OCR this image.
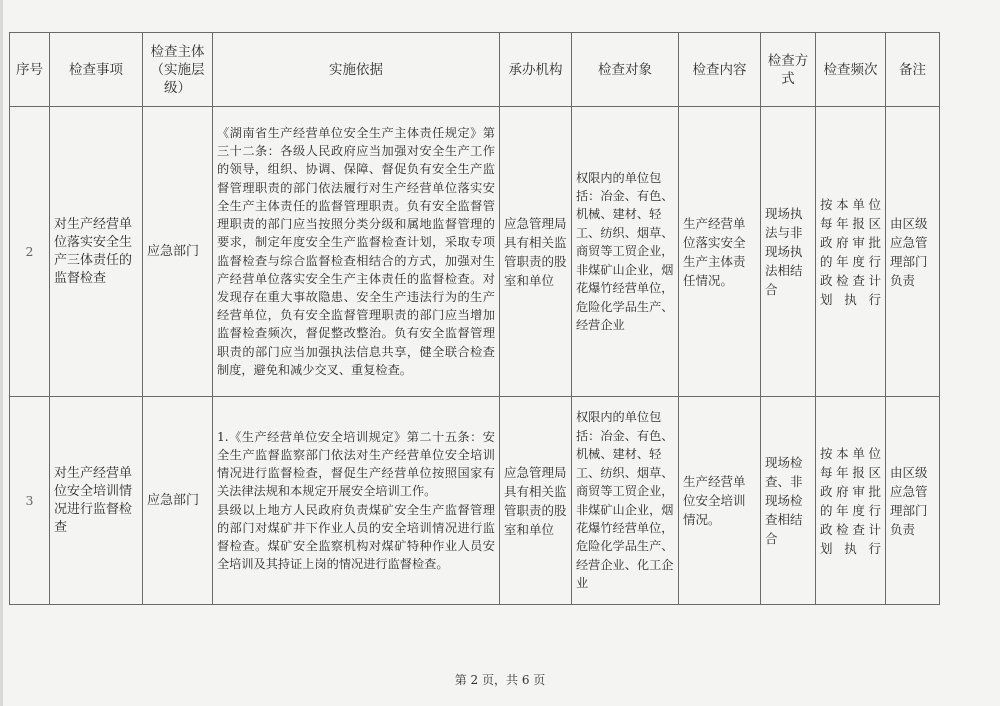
序号	检查事项	检查主体（实施层级）	实施依据	承办机构	检查对象	检查内容	检查方式	检查频次	备注
2	对生产经营单位落实安全生产三体责任的监督检查	应急部门	《湖南省生产经营单位安全生产主体责任规定》第三十二条：各级人民政府应当加强对安全生产工作的领导，组织、协调、保障、督促负有安全生产监督管理职责的部门依法履行对生产经营单位落实安全生产主体责任的监督管理职责。负有安全监督管理职责的部门应当按照分类分级和属地监督管理的要求，制定年度安全生产监督检查计划，采取专项监督检查与综合监督检查相结合的方式，加强对生产经营单位落实安全生产主体责任的监督检查。对发现存在重大事故隐患、安全生产违法行为的生产经营单位，负有安全监督管理职责的部门应当增加监督检查频次，督促整改整治。负有安全监督管理职责的部门应当加强执法信息共享，健全联合检查制度，避免和减少交叉、重复检查。	应急管理局具有相关监管职责的股室和单位	权限内的单位包括：冶金、有色、机械、建材、轻工、纺织、烟草、商贸等工贸企业，非煤矿山企业，烟花爆竹经营单位，危险化学品生产、经营企业	生产经营单位落实安全生产主体责任情况。	现场执法与非现场执法相结合	按本单位每年报区政府审批的年度行政检查计划执行	由区级应急管理部门负责
3	对生产经营单位安全培训情况进行监督检查	应急部门	1.《生产经营单位安全培训规定》第二十五条：安全生产监督监察部门依法对生产经营单位安全培训情况进行监督检查，督促生产经营单位按照国家有关法律法规和本规定开展安全培训工作。
县级以上地方人民政府负责煤矿安全生产监督管理的部门对煤矿井下作业人员的安全培训情况进行监督检查。煤矿安全监察机构对煤矿特种作业人员安全培训及其持证上岗的情况进行监督检查。	应急管理局具有相关监管职责的股室和单位	权限内的单位包括：冶金、有色、机械、建材、轻工、纺织、烟草、商贸等工贸企业，非煤矿山企业，烟花爆竹经营单位，危险化学品生产、经营企业、化工企业	生产经营单位安全培训情况。	现场检查、非现场检查相结合	按本单位每年报区政府审批的年度行政检查计划执行	由区级应急管理部门负责
第 2 页，共 6 页
